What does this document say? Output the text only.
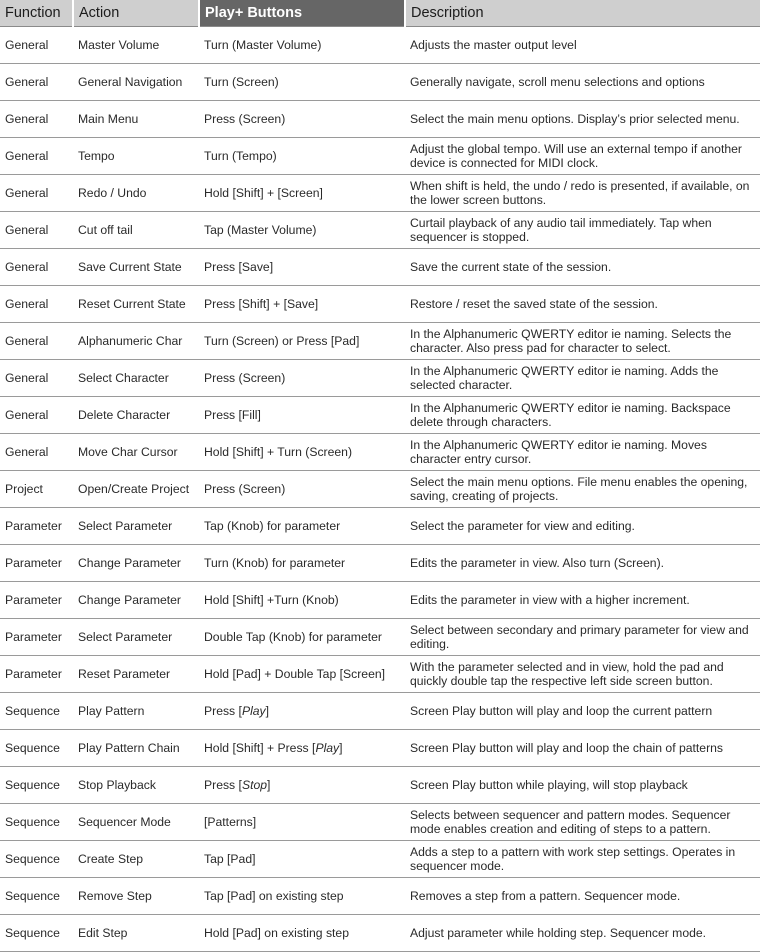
Function	Action	Play+ Buttons	Description
General	Master Volume	Turn (Master Volume)	Adjusts the master output level
General	General Navigation	Turn (Screen)	Generally navigate, scroll menu selections and options
General	Main Menu	Press (Screen)	Select the main menu options. Display’s prior selected menu.
General	Tempo	Turn (Tempo)	Adjust the global tempo. Will use an external tempo if another device is connected for MIDI clock.
General	Redo / Undo	Hold [Shift] + [Screen]	When shift is held, the undo / redo is presented, if available, on the lower screen buttons.
General	Cut off tail	Tap (Master Volume)	Curtail playback of any audio tail immediately. Tap when sequencer is stopped.
General	Save Current State	Press [Save]	Save the current state of the session.
General	Reset Current State	Press [Shift] + [Save]	Restore / reset the saved state of the session.
General	Alphanumeric Char	Turn (Screen) or Press [Pad]	In the Alphanumeric QWERTY editor ie naming. Selects the character. Also press pad for character to select.
General	Select Character	Press (Screen)	In the Alphanumeric QWERTY editor ie naming. Adds the selected character.
General	Delete Character	Press [Fill]	In the Alphanumeric QWERTY editor ie naming. Backspace delete through characters.
General	Move Char Cursor	Hold [Shift] + Turn (Screen)	In the Alphanumeric QWERTY editor ie naming. Moves character entry cursor.
Project	Open/Create Project	Press (Screen)	Select the main menu options. File menu enables the opening, saving, creating of projects.
Parameter	Select Parameter	Tap (Knob) for parameter	Select the parameter for view and editing.
Parameter	Change Parameter	Turn (Knob) for parameter	Edits the parameter in view. Also turn (Screen).
Parameter	Change Parameter	Hold [Shift] +Turn (Knob)	Edits the parameter in view with a higher increment.
Parameter	Select Parameter	Double Tap (Knob) for parameter	Select between secondary and primary parameter for view and editing.
Parameter	Reset Parameter	Hold [Pad] + Double Tap [Screen]	With the parameter selected and in view, hold the pad and quickly double tap the respective left side screen button.
Sequence	Play Pattern	Press [Play]	Screen Play button will play and loop the current pattern
Sequence	Play Pattern Chain	Hold [Shift] + Press [Play]	Screen Play button will play and loop the chain of patterns
Sequence	Stop Playback	Press [Stop]	Screen Play button while playing, will stop playback
Sequence	Sequencer Mode	[Patterns]	Selects between sequencer and pattern modes. Sequencer mode enables creation and editing of steps to a pattern.
Sequence	Create Step	Tap [Pad]	Adds a step to a pattern with work step settings. Operates in sequencer mode.
Sequence	Remove Step	Tap [Pad] on existing step	Removes a step from a pattern. Sequencer mode.
Sequence	Edit Step	Hold [Pad] on existing step	Adjust parameter while holding step. Sequencer mode.
